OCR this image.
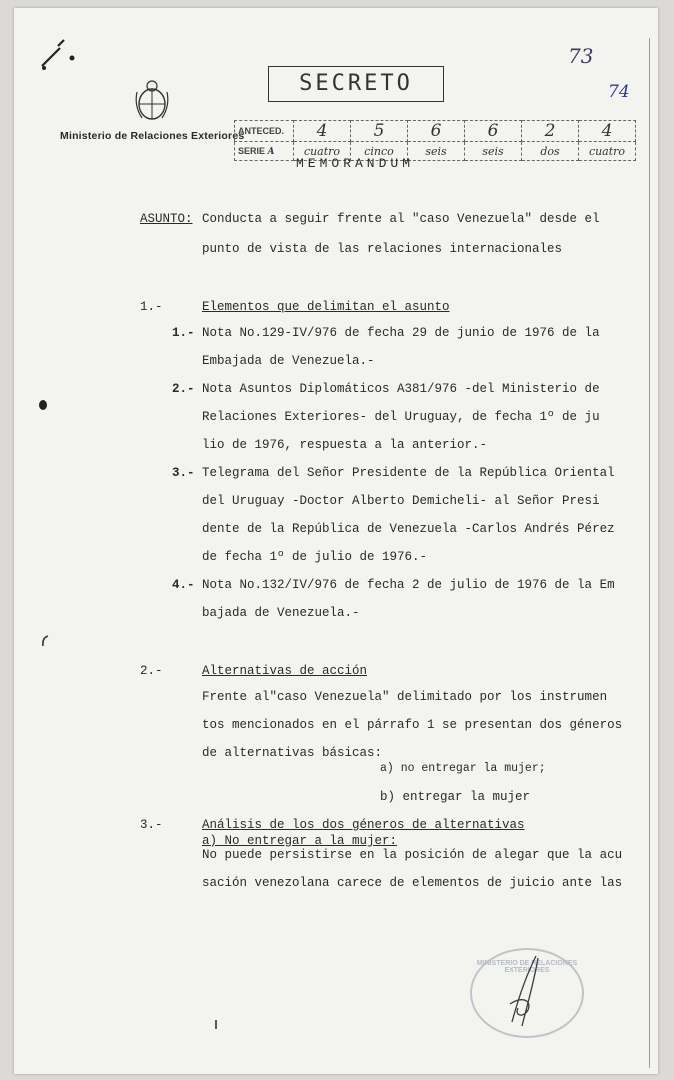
Ministerio de Relaciones Exteriores
SECRETO
73
74
ANTECED.	4	5	6	6	2	4
SERIE A	cuatro	cinco	seis	seis	dos	cuatro
MEMORANDUM
ASUNTO: Conducta a seguir frente al "caso Venezuela" desde el
punto de vista de las relaciones internacionales
1.-	Elementos que delimitan el asunto
1.- Nota No.129-IV/976 de fecha 29 de junio de 1976 de la
Embajada de Venezuela.-
2.- Nota Asuntos Diplomáticos A381/976 -del Ministerio de
Relaciones Exteriores- del Uruguay, de fecha 1º de ju
lio de 1976, respuesta a la anterior.-
3.- Telegrama del Señor Presidente de la República Oriental
del Uruguay -Doctor Alberto Demicheli- al Señor Presi
dente de la República de Venezuela -Carlos Andrés Pérez
de fecha 1º de julio de 1976.-
4.- Nota No.132/IV/976 de fecha 2 de julio de 1976 de la Em
bajada de Venezuela.-
2.-	Alternativas de acción
Frente al"caso Venezuela" delimitado por los instrumen
tos mencionados en el párrafo 1 se presentan dos géneros
de alternativas básicas:
a) no entregar la mujer;
b) entregar la mujer
3.-	Análisis de los dos géneros de alternativas
a) No entregar a la mujer:
No puede persistirse en la posición de alegar que la acu
sación venezolana carece de elementos de juicio ante las
MINISTERIO DE RELACIONES EXTERIORES
